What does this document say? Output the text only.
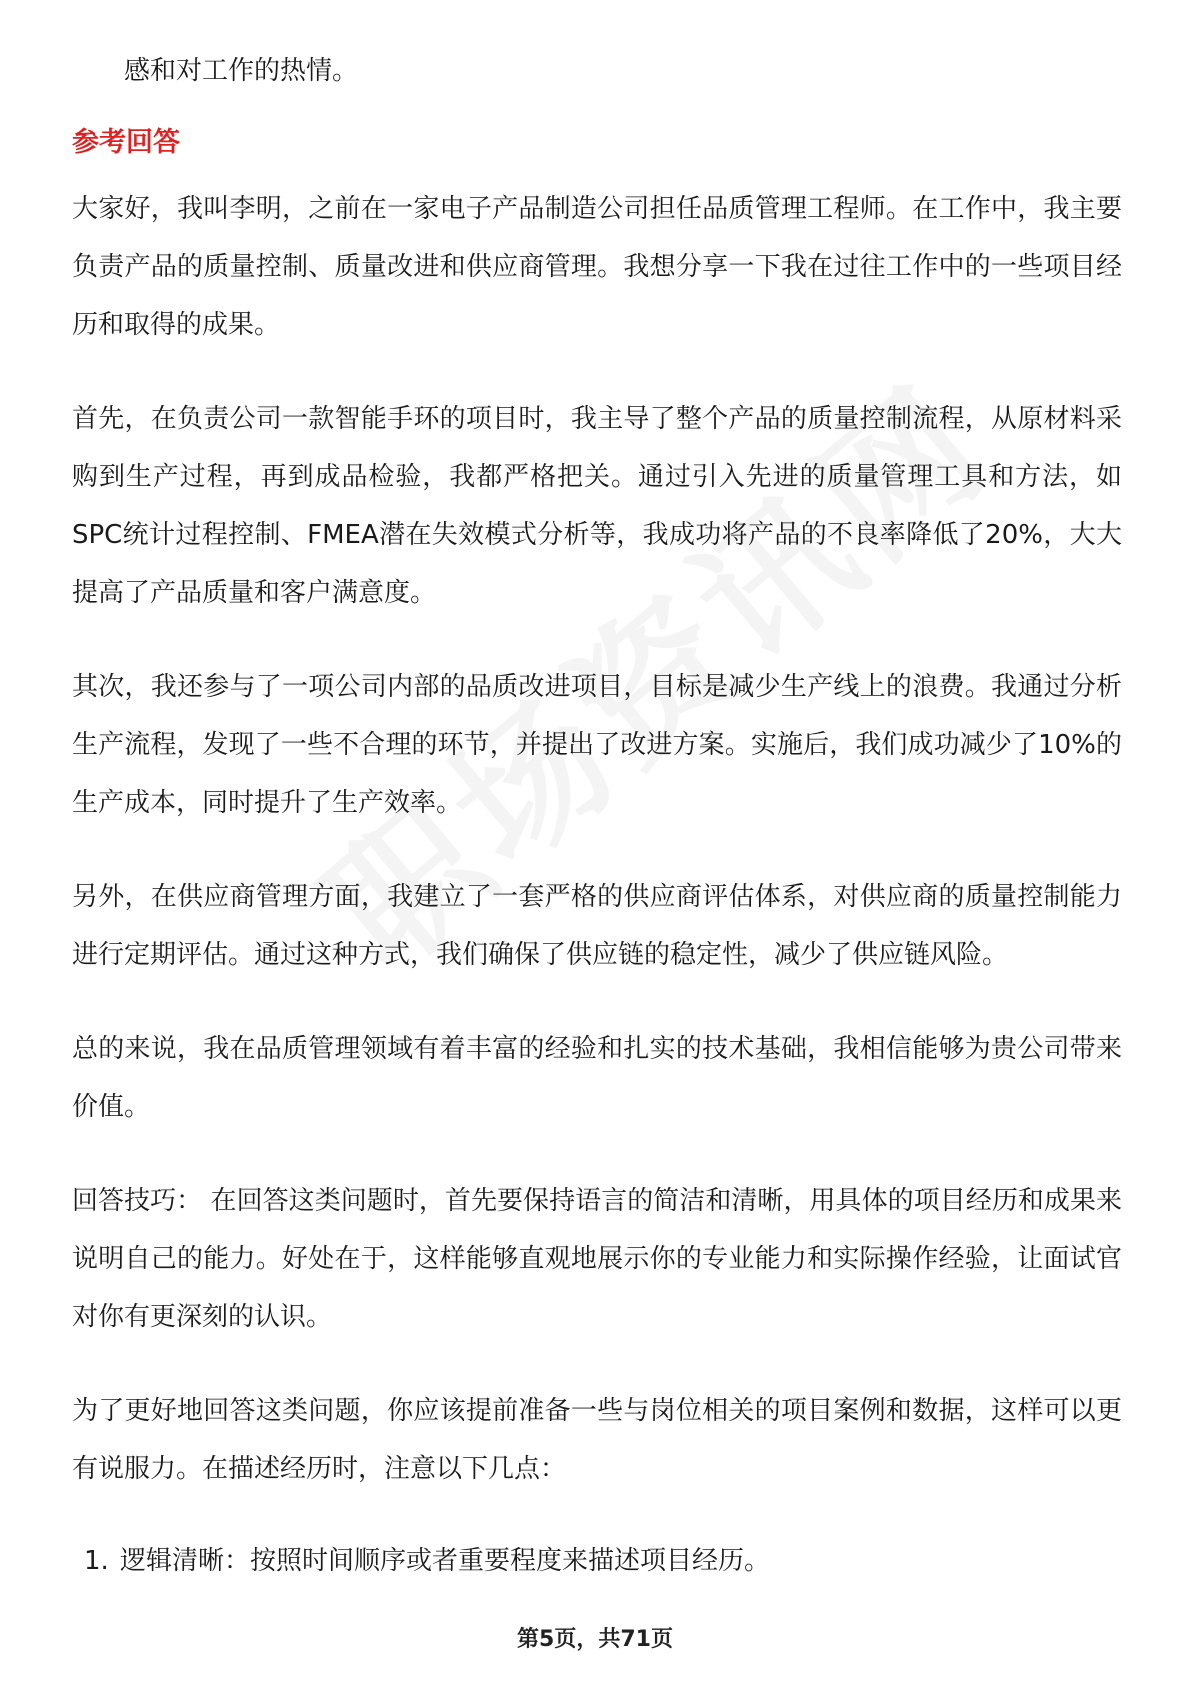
感和对工作的热情。

参考回答

大家好，我叫李明，之前在一家电子产品制造公司担任品质管理工程师。在工作中，我主要负责产品的质量控制、质量改进和供应商管理。我想分享一下我在过往工作中的一些项目经历和取得的成果。

首先，在负责公司一款智能手环的项目时，我主导了整个产品的质量控制流程，从原材料采购到生产过程，再到成品检验，我都严格把关。通过引入先进的质量管理工具和方法，如SPC统计过程控制、FMEA潜在失效模式分析等，我成功将产品的不良率降低了20%，大大提高了产品质量和客户满意度。

其次，我还参与了一项公司内部的品质改进项目，目标是减少生产线上的浪费。我通过分析生产流程，发现了一些不合理的环节，并提出了改进方案。实施后，我们成功减少了10%的生产成本，同时提升了生产效率。

另外，在供应商管理方面，我建立了一套严格的供应商评估体系，对供应商的质量控制能力进行定期评估。通过这种方式，我们确保了供应链的稳定性，减少了供应链风险。

总的来说，我在品质管理领域有着丰富的经验和扎实的技术基础，我相信能够为贵公司带来价值。

回答技巧： 在回答这类问题时，首先要保持语言的简洁和清晰，用具体的项目经历和成果来说明自己的能力。好处在于，这样能够直观地展示你的专业能力和实际操作经验，让面试官对你有更深刻的认识。

为了更好地回答这类问题，你应该提前准备一些与岗位相关的项目案例和数据，这样可以更有说服力。在描述经历时，注意以下几点：

1. 逻辑清晰：按照时间顺序或者重要程度来描述项目经历。
第5页，共71页
